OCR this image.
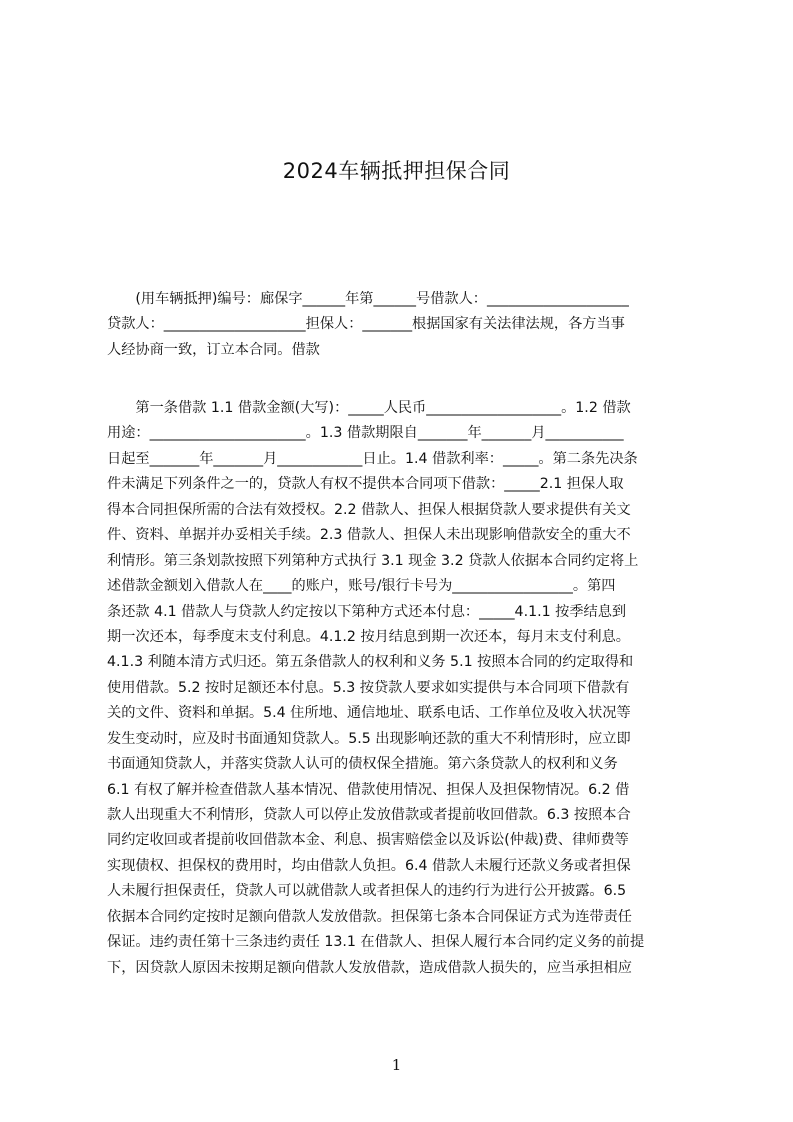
2024车辆抵押担保合同
　　(用车辆抵押)编号：廊保字______年第______号借款人：____________________
贷款人：____________________担保人：_______根据国家有关法律法规，各方当事
人经协商一致，订立本合同。借款
　　第一条借款 1.1 借款金额(大写)：_____人民币___________________。1.2 借款
用途：______________________。1.3 借款期限自_______年_______月___________
日起至_______年_______月____________日止。1.4 借款利率：_____。第二条先决条
件未满足下列条件之一的，贷款人有权不提供本合同项下借款：_____2.1 担保人取
得本合同担保所需的合法有效授权。2.2 借款人、担保人根据贷款人要求提供有关文
件、资料、单据并办妥相关手续。2.3 借款人、担保人未出现影响借款安全的重大不
利情形。第三条划款按照下列第种方式执行 3.1 现金 3.2 贷款人依据本合同约定将上
述借款金额划入借款人在____的账户，账号/银行卡号为_________________。第四
条还款 4.1 借款人与贷款人约定按以下第种方式还本付息：_____4.1.1 按季结息到
期一次还本，每季度末支付利息。4.1.2 按月结息到期一次还本，每月末支付利息。
4.1.3 利随本清方式归还。第五条借款人的权利和义务 5.1 按照本合同的约定取得和
使用借款。5.2 按时足额还本付息。5.3 按贷款人要求如实提供与本合同项下借款有
关的文件、资料和单据。5.4 住所地、通信地址、联系电话、工作单位及收入状况等
发生变动时，应及时书面通知贷款人。5.5 出现影响还款的重大不利情形时，应立即
书面通知贷款人，并落实贷款人认可的债权保全措施。第六条贷款人的权利和义务
6.1 有权了解并检查借款人基本情况、借款使用情况、担保人及担保物情况。6.2 借
款人出现重大不利情形，贷款人可以停止发放借款或者提前收回借款。6.3 按照本合
同约定收回或者提前收回借款本金、利息、损害赔偿金以及诉讼(仲裁)费、律师费等
实现债权、担保权的费用时，均由借款人负担。6.4 借款人未履行还款义务或者担保
人未履行担保责任，贷款人可以就借款人或者担保人的违约行为进行公开披露。6.5
依据本合同约定按时足额向借款人发放借款。担保第七条本合同保证方式为连带责任
保证。违约责任第十三条违约责任 13.1 在借款人、担保人履行本合同约定义务的前提
下，因贷款人原因未按期足额向借款人发放借款，造成借款人损失的，应当承担相应
1
